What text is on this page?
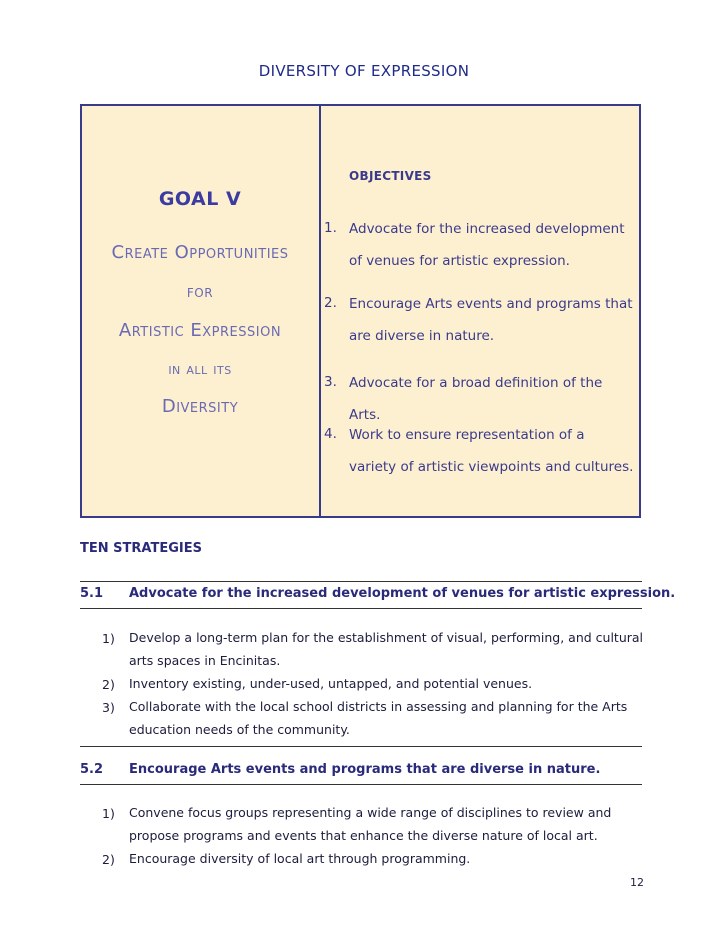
DIVERSITY OF EXPRESSION
GOAL V
Create Opportunities
for
Artistic Expression
in all its
Diversity
OBJECTIVES
1. Advocate for the increased development of venues for artistic expression.
2. Encourage Arts events and programs that are diverse in nature.
3. Advocate for a broad definition of the Arts.
4. Work to ensure representation of a variety of artistic viewpoints and cultures.
TEN STRATEGIES
5.1 Advocate for the increased development of venues for artistic expression.
1) Develop a long-term plan for the establishment of visual, performing, and cultural arts spaces in Encinitas.
2) Inventory existing, under-used, untapped, and potential venues.
3) Collaborate with the local school districts in assessing and planning for the Arts education needs of the community.
5.2 Encourage Arts events and programs that are diverse in nature.
1) Convene focus groups representing a wide range of disciplines to review and propose programs and events that enhance the diverse nature of local art.
2) Encourage diversity of local art through programming.
12
